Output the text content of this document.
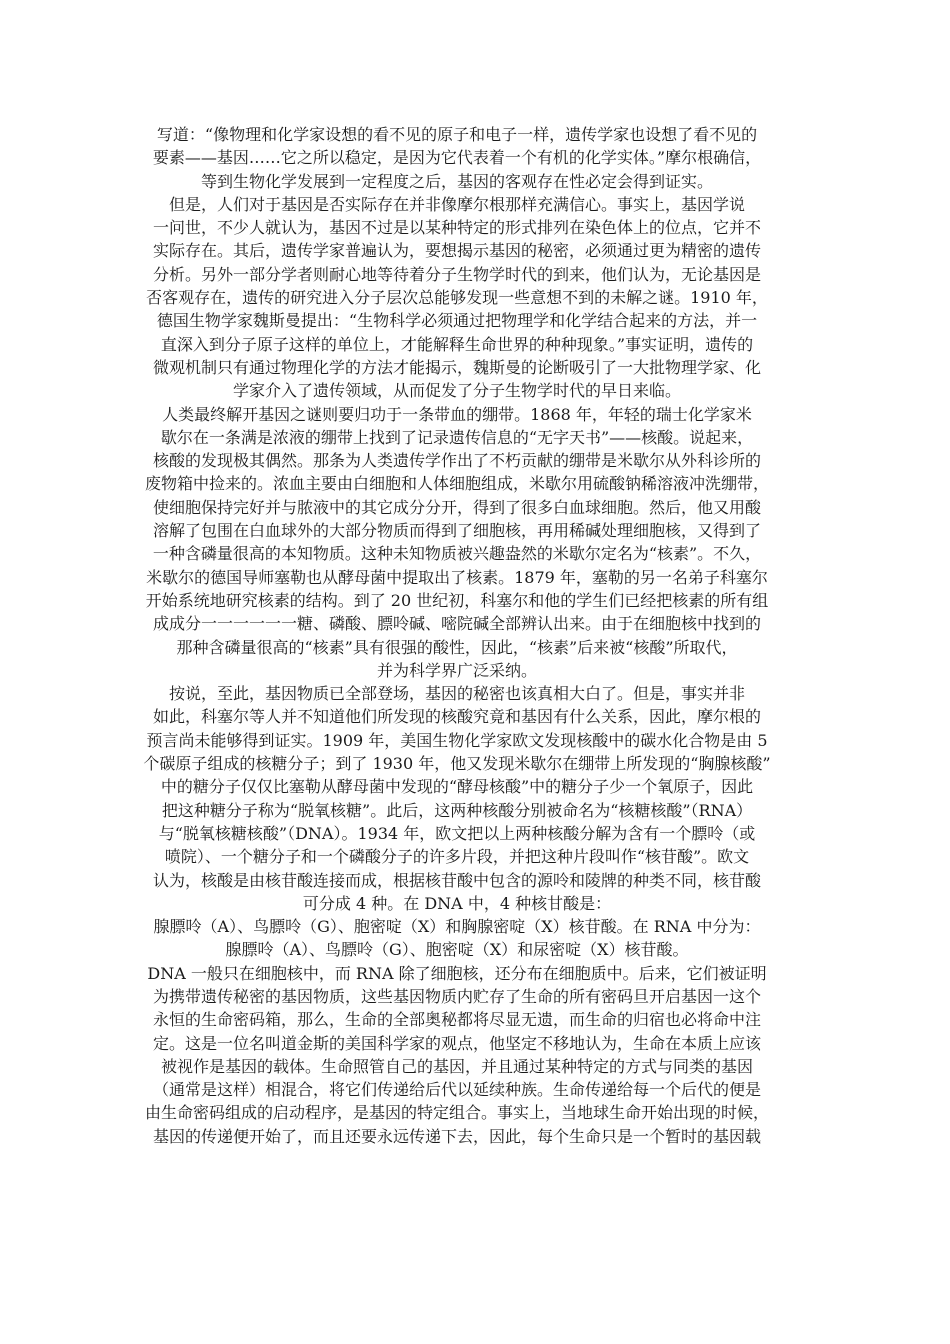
写道：“像物理和化学家设想的看不见的原子和电子一样，遗传学家也设想了看不见的
要素——基因……它之所以稳定，是因为它代表着一个有机的化学实体。”摩尔根确信，
等到生物化学发展到一定程度之后，基因的客观存在性必定会得到证实。
但是，人们对于基因是否实际存在并非像摩尔根那样充满信心。事实上，基因学说
一问世，不少人就认为，基因不过是以某种特定的形式排列在染色体上的位点，它并不
实际存在。其后，遗传学家普遍认为，要想揭示基因的秘密，必须通过更为精密的遗传
分析。另外一部分学者则耐心地等待着分子生物学时代的到来，他们认为，无论基因是
否客观存在，遗传的研究进入分子层次总能够发现一些意想不到的未解之谜。1910 年，
德国生物学家魏斯曼提出：“生物科学必须通过把物理学和化学结合起来的方法，并一
直深入到分子原子这样的单位上，才能解释生命世界的种种现象。”事实证明，遗传的
微观机制只有通过物理化学的方法才能揭示，魏斯曼的论断吸引了一大批物理学家、化
学家介入了遗传领域，从而促发了分子生物学时代的早日来临。
人类最终解开基因之谜则要归功于一条带血的绷带。1868 年，年轻的瑞士化学家米
歇尔在一条满是浓液的绷带上找到了记录遗传信息的“无字天书”——核酸。说起来，
核酸的发现极其偶然。那条为人类遗传学作出了不朽贡献的绷带是米歇尔从外科诊所的
废物箱中捡来的。浓血主要由白细胞和人体细胞组成，米歇尔用硫酸钠稀溶液冲洗绷带，
使细胞保持完好并与脓液中的其它成分分开，得到了很多白血球细胞。然后，他又用酸
溶解了包围在白血球外的大部分物质而得到了细胞核，再用稀碱处理细胞核，又得到了
一种含磷量很高的本知物质。这种未知物质被兴趣盎然的米歇尔定名为“核素”。不久，
米歇尔的德国导师塞勒也从酵母菌中提取出了核素。1879 年，塞勒的另一名弟子科塞尔
开始系统地研究核素的结构。到了 20 世纪初，科塞尔和他的学生们已经把核素的所有组
成成分一一一一一一糖、磷酸、膘呤碱、嘧院碱全部辨认出来。由于在细胞核中找到的
那种含磷量很高的“核素”具有很强的酸性，因此，“核素”后来被“核酸”所取代，
并为科学界广泛采纳。
按说，至此，基因物质已全部登场，基因的秘密也该真相大白了。但是，事实并非
如此，科塞尔等人并不知道他们所发现的核酸究竟和基因有什么关系，因此，摩尔根的
预言尚未能够得到证实。1909 年，美国生物化学家欧文发现核酸中的碳水化合物是由 5
个碳原子组成的核糖分子；到了 1930 年，他又发现米歇尔在绷带上所发现的“胸腺核酸”
中的糖分子仅仅比塞勒从酵母菌中发现的“酵母核酸”中的糖分子少一个氧原子，因此
把这种糖分子称为“脱氧核糖”。此后，这两种核酸分别被命名为“核糖核酸”（RNA）
与“脱氧核糖核酸”（DNA）。1934 年，欧文把以上两种核酸分解为含有一个膘呤（或
喷院）、一个糖分子和一个磷酸分子的许多片段，并把这种片段叫作“核苷酸”。欧文
认为，核酸是由核苷酸连接而成，根据核苷酸中包含的源呤和陵牌的种类不同，核苷酸
可分成 4 种。在 DNA 中，4 种核甘酸是：
腺膘呤（A）、鸟膘呤（G）、胞密啶（X）和胸腺密啶（X）核苷酸。在 RNA 中分为：
腺膘呤（A）、鸟膘呤（G）、胞密啶（X）和尿密啶（X）核苷酸。
DNA 一般只在细胞核中，而 RNA 除了细胞核，还分布在细胞质中。后来，它们被证明
为携带遗传秘密的基因物质，这些基因物质内贮存了生命的所有密码旦开启基因一这个
永恒的生命密码箱，那么，生命的全部奥秘都将尽显无遗，而生命的归宿也必将命中注
定。这是一位名叫道金斯的美国科学家的观点，他坚定不移地认为，生命在本质上应该
被视作是基因的载体。生命照管自己的基因，并且通过某种特定的方式与同类的基因
（通常是这样）相混合，将它们传递给后代以延续种族。生命传递给每一个后代的便是
由生命密码组成的启动程序，是基因的特定组合。事实上，当地球生命开始出现的时候，
基因的传递便开始了，而且还要永远传递下去，因此，每个生命只是一个暂时的基因载
